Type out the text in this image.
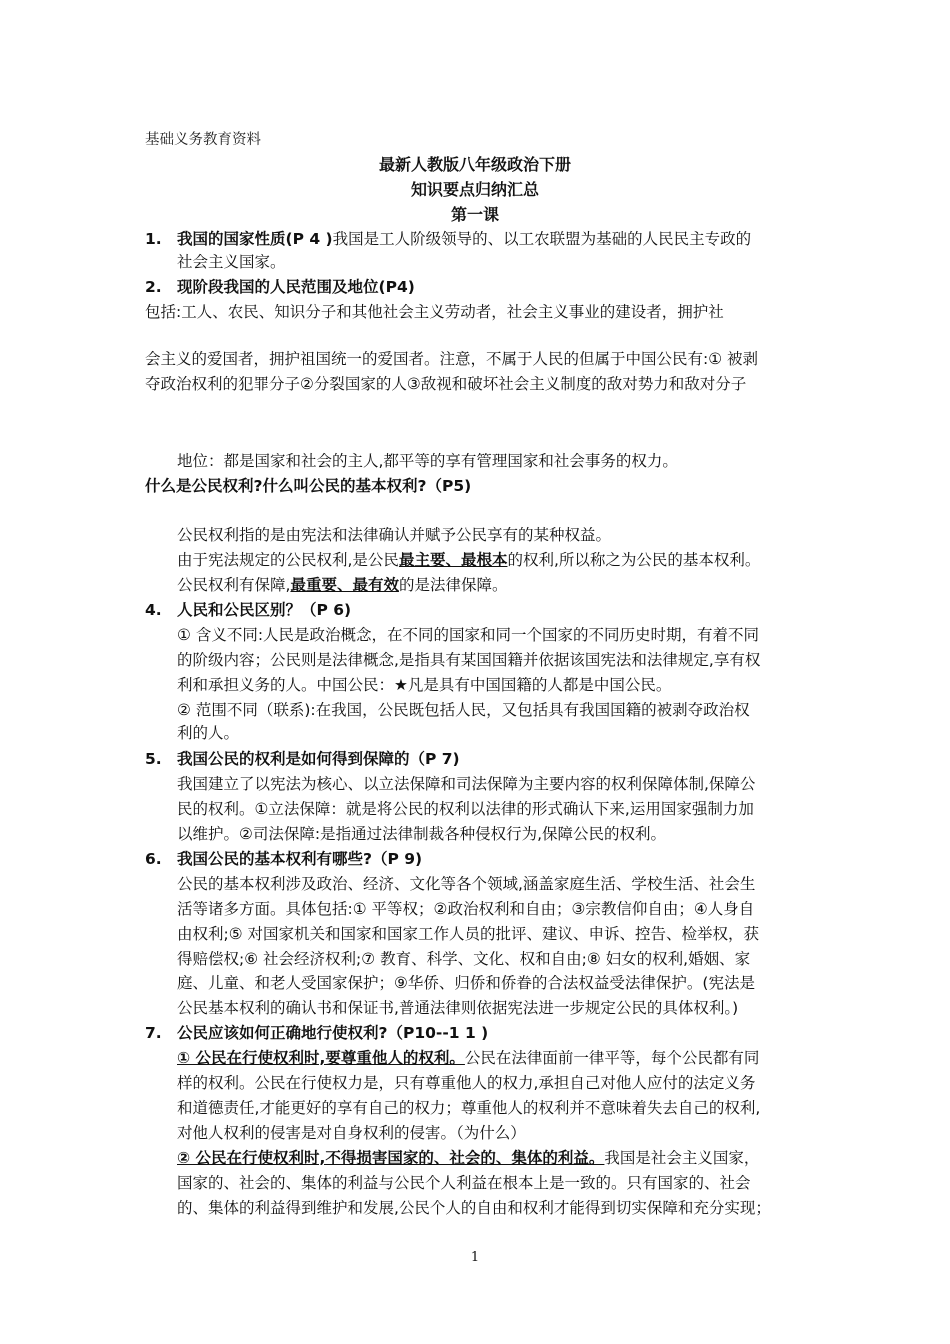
基础义务教育资料
最新人教版八年级政治下册
知识要点归纳汇总
第一课
1. 我国的国家性质(P 4 )我国是工人阶级领导的、以工农联盟为基础的人民民主专政的
社会主义国家。
2. 现阶段我国的人民范围及地位(P4)
包括:工人、农民、知识分子和其他社会主义劳动者，社会主义事业的建设者，拥护社
会主义的爱国者，拥护祖国统一的爱国者。注意，不属于人民的但属于中国公民有:① 被剥
夺政治权利的犯罪分子②分裂国家的人③敌视和破坏社会主义制度的敌对势力和敌对分子
地位：都是国家和社会的主人,都平等的享有管理国家和社会事务的权力。
什么是公民权利?什么叫公民的基本权利?（P5)
公民权利指的是由宪法和法律确认并赋予公民享有的某种权益。
由于宪法规定的公民权利,是公民最主要、最根本的权利,所以称之为公民的基本权利。
公民权利有保障,最重要、最有效的是法律保障。
4. 人民和公民区别？（P 6)
① 含义不同:人民是政治概念，在不同的国家和同一个国家的不同历史时期，有着不同
的阶级内容；公民则是法律概念,是指具有某国国籍并依据该国宪法和法律规定,享有权
利和承担义务的人。中国公民：★凡是具有中国国籍的人都是中国公民。
② 范围不同（联系):在我国，公民既包括人民，又包括具有我国国籍的被剥夺政治权
利的人。
5. 我国公民的权利是如何得到保障的（P 7)
我国建立了以宪法为核心、以立法保障和司法保障为主要内容的权利保障体制,保障公
民的权利。①立法保障：就是将公民的权利以法律的形式确认下来,运用国家强制力加
以维护。②司法保障:是指通过法律制裁各种侵权行为,保障公民的权利。
6. 我国公民的基本权利有哪些?（P 9)
公民的基本权利涉及政治、经济、文化等各个领域,涵盖家庭生活、学校生活、社会生
活等诸多方面。具体包括:① 平等权；②政治权利和自由；③宗教信仰自由；④人身自
由权利;⑤ 对国家机关和国家和国家工作人员的批评、建议、申诉、控告、检举权，获
得赔偿权;⑥ 社会经济权利;⑦ 教育、科学、文化、权和自由;⑧ 妇女的权利,婚姻、家
庭、儿童、和老人受国家保护；⑨华侨、归侨和侨眷的合法权益受法律保护。(宪法是
公民基本权利的确认书和保证书,普通法律则依据宪法进一步规定公民的具体权利。)
7. 公民应该如何正确地行使权利?（P10--1 1 )
① 公民在行使权利时,要尊重他人的权利。公民在法律面前一律平等，每个公民都有同
样的权利。公民在行使权力是，只有尊重他人的权力,承担自己对他人应付的法定义务
和道德责任,才能更好的享有自己的权力；尊重他人的权利并不意味着失去自己的权利,
对他人权利的侵害是对自身权利的侵害。（为什么）
② 公民在行使权利时,不得损害国家的、社会的、集体的利益。我国是社会主义国家，
国家的、社会的、集体的利益与公民个人利益在根本上是一致的。只有国家的、社会
的、集体的利益得到维护和发展,公民个人的自由和权利才能得到切实保障和充分实现；
1
